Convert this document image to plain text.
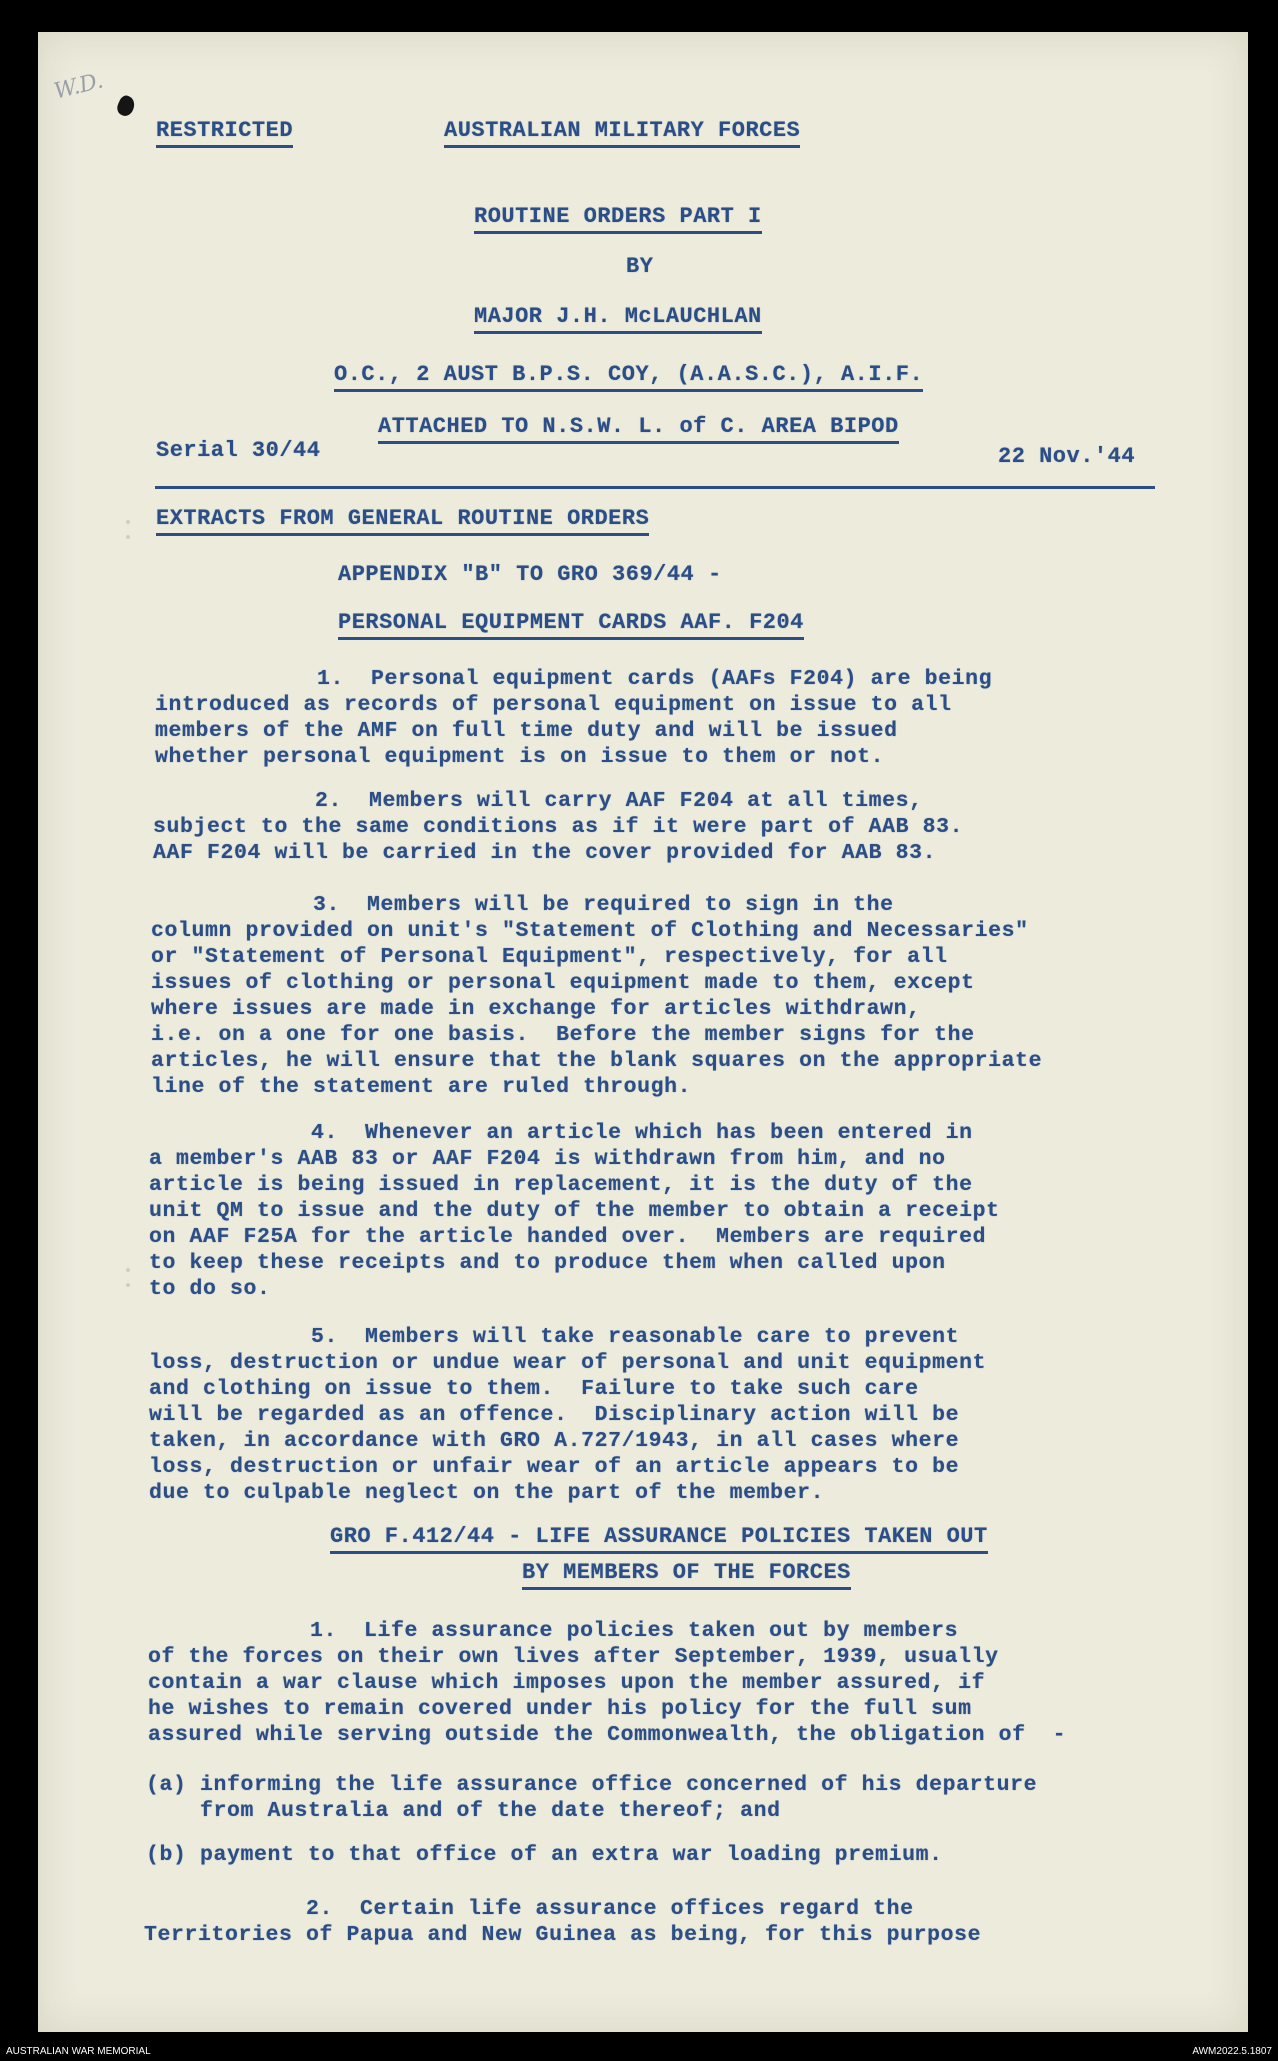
W.D.
RESTRICTED	AUSTRALIAN MILITARY FORCES
ROUTINE ORDERS PART I
BY
MAJOR J.H. McLAUCHLAN
O.C., 2 AUST B.P.S. COY, (A.A.S.C.), A.I.F.
ATTACHED TO N.S.W. L. of C. AREA BIPOD
Serial 30/44	22 Nov.'44
EXTRACTS FROM GENERAL ROUTINE ORDERS
APPENDIX "B" TO GRO 369/44 -
PERSONAL EQUIPMENT CARDS AAF. F204
1.  Personal equipment cards (AAFs F204) are being
introduced as records of personal equipment on issue to all
members of the AMF on full time duty and will be issued
whether personal equipment is on issue to them or not.
2.  Members will carry AAF F204 at all times,
subject to the same conditions as if it were part of AAB 83.
AAF F204 will be carried in the cover provided for AAB 83.
3.  Members will be required to sign in the
column provided on unit's "Statement of Clothing and Necessaries"
or "Statement of Personal Equipment", respectively, for all
issues of clothing or personal equipment made to them, except
where issues are made in exchange for articles withdrawn,
i.e. on a one for one basis.  Before the member signs for the
articles, he will ensure that the blank squares on the appropriate
line of the statement are ruled through.
4.  Whenever an article which has been entered in
a member's AAB 83 or AAF F204 is withdrawn from him, and no
article is being issued in replacement, it is the duty of the
unit QM to issue and the duty of the member to obtain a receipt
on AAF F25A for the article handed over.  Members are required
to keep these receipts and to produce them when called upon
to do so.
5.  Members will take reasonable care to prevent
loss, destruction or undue wear of personal and unit equipment
and clothing on issue to them.  Failure to take such care
will be regarded as an offence.  Disciplinary action will be
taken, in accordance with GRO A.727/1943, in all cases where
loss, destruction or unfair wear of an article appears to be
due to culpable neglect on the part of the member.
GRO F.412/44 - LIFE ASSURANCE POLICIES TAKEN OUT
BY MEMBERS OF THE FORCES
1.  Life assurance policies taken out by members
of the forces on their own lives after September, 1939, usually
contain a war clause which imposes upon the member assured, if
he wishes to remain covered under his policy for the full sum
assured while serving outside the Commonwealth, the obligation of  -
(a) informing the life assurance office concerned of his departure
from Australia and of the date thereof; and
(b) payment to that office of an extra war loading premium.
2.  Certain life assurance offices regard the
Territories of Papua and New Guinea as being, for this purpose
AUSTRALIAN WAR MEMORIAL	AWM2022.5.1807
